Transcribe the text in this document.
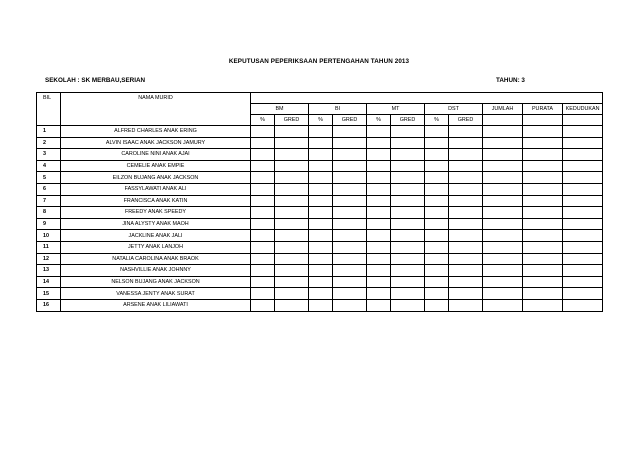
KEPUTUSAN PEPERIKSAAN PERTENGAHAN TAHUN 2013
SEKOLAH : SK MERBAU,SERIAN	TAHUN: 3
BIL	NAMA MURID											
		BM		BI		MT		DST		JUMLAH	PURATA	KEDUDUKAN
		%	GRED	%	GRED	%	GRED	%	GRED			
1	ALFRED CHARLES ANAK ERING											
2	ALVIN ISAAC ANAK JACKSON JAMURY											
3	CAROLINE NINI ANAK AJAI											
4	CEMELIE ANAK EMPIE											
5	EILZON BUJANG ANAK JACKSON											
6	FASSYLAWATI ANAK ALI											
7	FRANCISCA ANAK KATIN											
8	FREEDY ANAK SPEEDY											
9	JINA ALYSTY ANAK MAOH											
10	JACKLINE ANAK JALI											
11	JETTY ANAK LANJOH											
12	NATALIA CAROLINA ANAK BRAOK											
13	NASHVILLIE ANAK JOHNNY											
14	NELSON BUJANG ANAK JACKSON											
15	VANESSA JENTY ANAK SURAT											
16	ARSENE ANAK LILIAWATI											
